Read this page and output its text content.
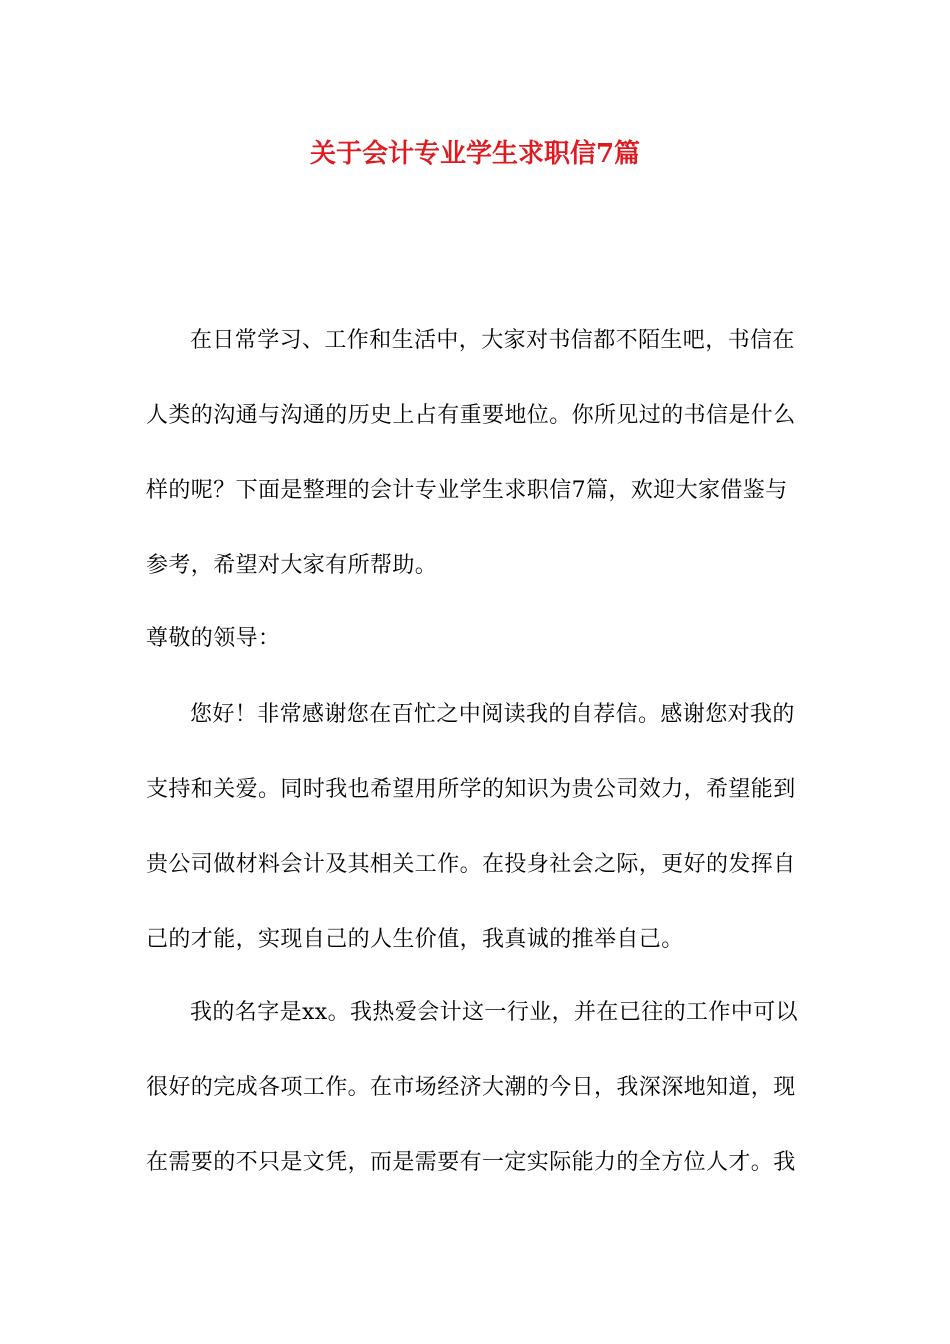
关于会计专业学生求职信7篇
在日常学习、工作和生活中，大家对书信都不陌生吧，书信在
人类的沟通与沟通的历史上占有重要地位。你所见过的书信是什么
样的呢？下面是整理的会计专业学生求职信7篇，欢迎大家借鉴与
参考，希望对大家有所帮助。
尊敬的领导：
您好！非常感谢您在百忙之中阅读我的自荐信。感谢您对我的
支持和关爱。同时我也希望用所学的知识为贵公司效力，希望能到
贵公司做材料会计及其相关工作。在投身社会之际，更好的发挥自
己的才能，实现自己的人生价值，我真诚的推举自己。
我的名字是xx。我热爱会计这一行业，并在已往的工作中可以
很好的完成各项工作。在市场经济大潮的今日，我深深地知道，现
在需要的不只是文凭，而是需要有一定实际能力的全方位人才。我
